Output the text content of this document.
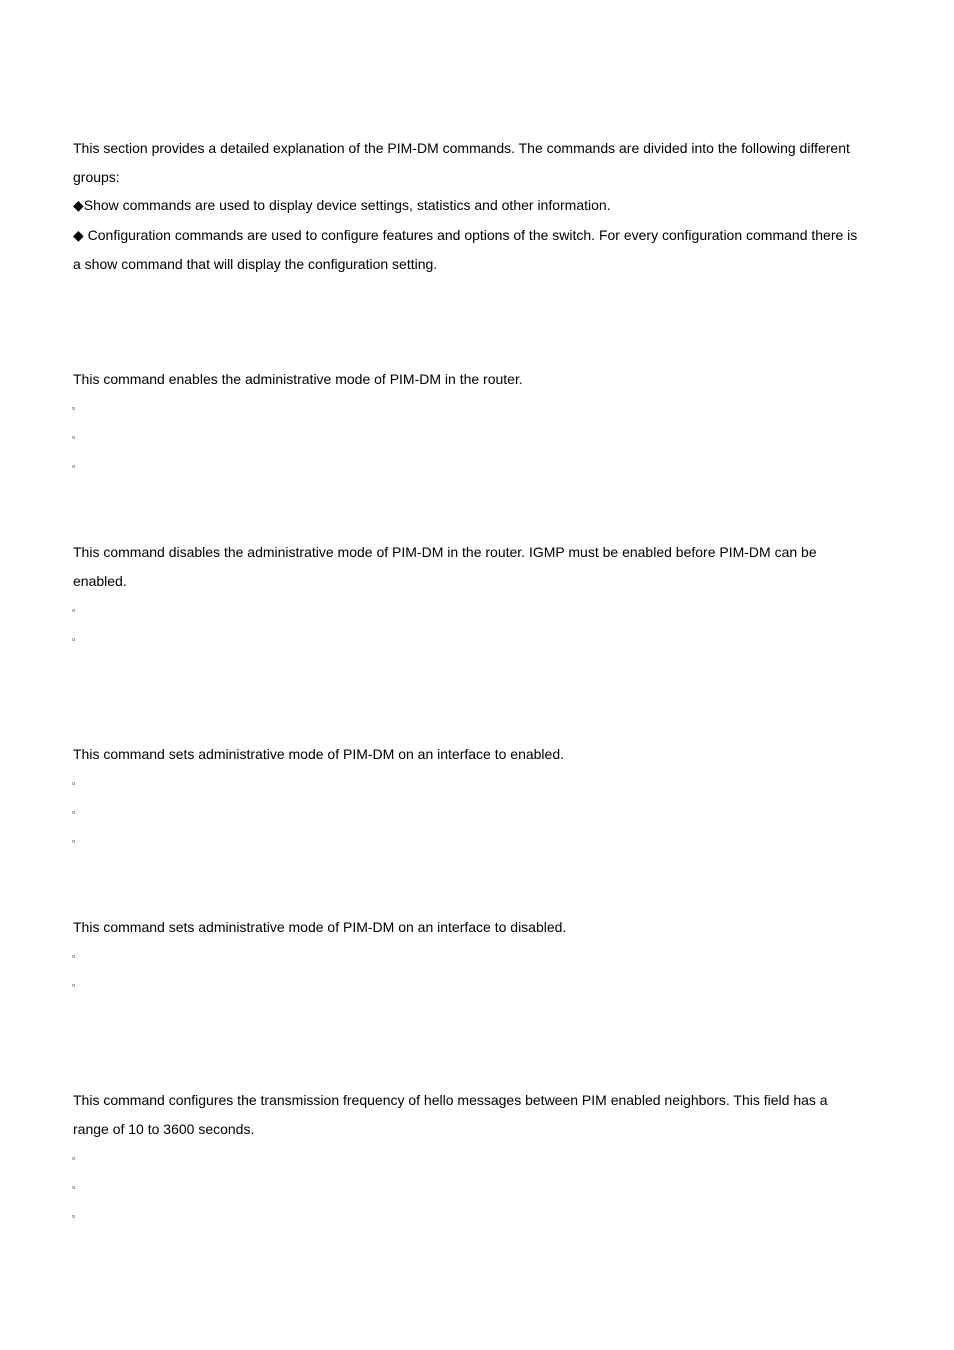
This section provides a detailed explanation of the PIM-DM commands. The commands are divided into the following different
groups:
◆Show commands are used to display device settings, statistics and other information.
◆ Configuration commands are used to configure features and options of the switch. For every configuration command there is
a show command that will display the configuration setting.
This command enables the administrative mode of PIM-DM in the router.
▫
▫
▫
This command disables the administrative mode of PIM-DM in the router. IGMP must be enabled before PIM-DM can be
enabled.
▫
▫
This command sets administrative mode of PIM-DM on an interface to enabled.
▫
▫
▫
This command sets administrative mode of PIM-DM on an interface to disabled.
▫
▫
This command configures the transmission frequency of hello messages between PIM enabled neighbors. This field has a
range of 10 to 3600 seconds.
▫
▫
▫
